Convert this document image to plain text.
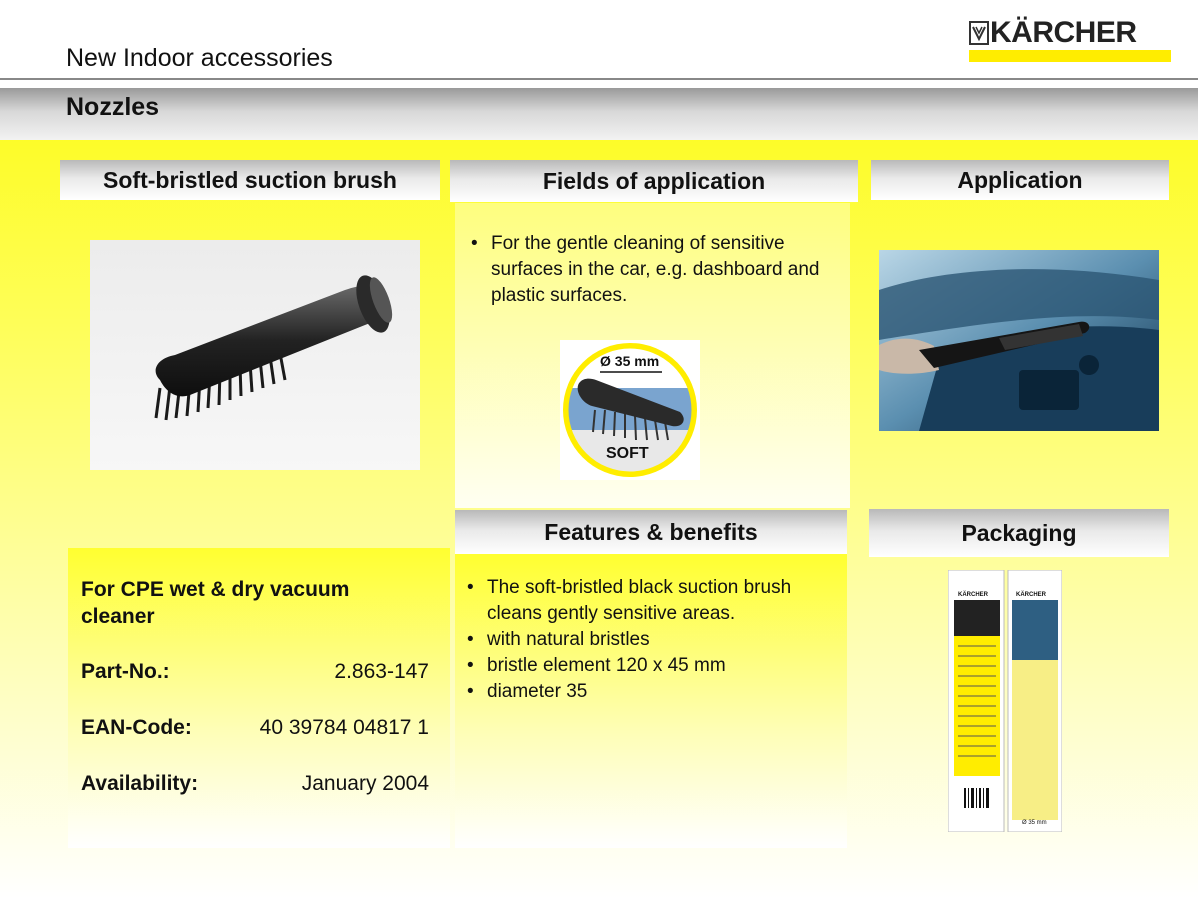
New Indoor accessories
Nozzles
KÄRCHER
Soft-bristled suction brush
For CPE wet & dry vacuum cleaner
Part-No.:	2.863-147
EAN-Code:	40 39784 04817 1
Availability:	January 2004
Fields of application
• For the gentle cleaning of sensitive surfaces in the car, e.g. dashboard and plastic surfaces.
Ø 35 mm
SOFT
Features & benefits
• The soft-bristled black suction brush cleans gently sensitive areas.
• with natural bristles
• bristle element 120 x 45 mm
• diameter 35
Application
Packaging
KÄRCHER	KÄRCHER
Ø 35 mm
